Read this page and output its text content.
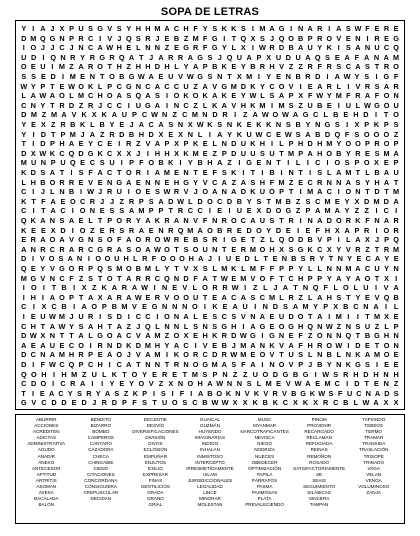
SOPA DE LETRAS
Y I A J X P U S G V S Y H H M A C H F Y S K K S I M A G I N A R I A S W F E R E
D M Q G N P R C I V J Q S R J E B Z M F G I T Q X S J Q O B P R O V E N I R E G
I O J J C J N C A W H E L N N Z E G R F G Y L X I W R D B A U Y K I S A N U C Q
U D I Q N R Y R G R Q A T J A R R A G S J Q U A P X U D U A Q S E A F A N A M
O E U I M Z A R O T H Z H H D H L Y A P B K E Y B R H V Z Z R F R S C A S T R O
S S E D I M E N T O B G W A E U V W G S N T X M I Y E N B R D I A W Y S I G F
W Y P T E W O K L P C G N C A C C U Z A V G M D K Y C O V I E A R L I V R S A R
L A W A O L M C H O A S Q A S I O K O K A K E Y W L S A P X F W Y M F R A F O N
C N Y T R D Z R J C C I U G A I N C Z L K A V H K M I M S Z U B E I U L W G O U
D M Z M A V K X K A U P C W N Z C M N D R I Z A W O W A G C L B E H D I T O
Y E X Z R B K L B Y E J A C A S N X W K S N K E K K N S B Y N G S I X P K P S
Y I D T P M J A Z R D B H D X E X N L I A Y K U W C E W S A B D Q F S O O O Z
T I D P H A E Y C E I R Z V A P X P K E L N D U K H I L P H D H M Y O O P R O P
D X W K C Q D G K C X X J I H H X K M E Z P D U U S U T M P A H O B Y R E S M A
M U N P U Q E C S U I P F O B K I Y B H A Z I G E N T I L I C I O S P O X E P
K D S A T I S F A C T O R I A M E N T E F S K I T I B I N T I S L A M T L B A U
L H B O R R E V E N G A E N N E H G Y V C A Z A S H F M Z E C R N N A S Y H A T
C I J L N B I W J R U I O E S W R V J O A N A D K U O P T I M A C I O N T D T M
K T F A E O C R J J Z R P S A D W L D O C D B Y S T M B Z S C M E Y X D M D A
C I T A C I O N E S S A M P P T R C C I E I U E X D O G Z P A M A Y Z Z I C I
Q K A N S A E L T P O R Y A K R A N V F N R O C A U S T R I N A D O R K F N A R
K E E X D I O Z E R S R A E N R Q M A O B R E D O Y D E I E F H X A P R I O R
E R A O A V G N S O F A O R O W R E B S R I G E T Z L Q O D B V P I L A X J P Q
A N R C R A R C G R A S O A W O T S O U N T E R M O H X S G K C X Y V R Z T R M
D I V O S A N I O O U H L R F O O O H A J I U E D L T E N B S R Y T N Y E C A Y E
Q E Y V G O R P Q S M O B M L Y T V X S L M K L M F F P P Y L L N N M A C U Y N
M G V N C F Z S T O T A R R C Q N D F A T W E M V O F T C H P P Y A Y A O T X I
I O I T B I X Z K A R A W I N E V L O R R W I Z L J A T N Q F L O L U I V A
I H I A O P T A X A R A W E R V O O U T E A C A S C M L R Z L A H S T Y E V Q B
C I X C B I A O P B M V E G N N N O I K E A U I N D S A M Y P X B C N A I L
I E U W M J U R I S D I C C I O N A L E S C S V N A E U D O T A I M I	I T M X E
C H T A W Y S A H T A Z J Q L N N L S N S G H I A G E O G H Q N W Z N S U Z L P
D W X N T T A L G O A C V A M Z O X E H K R D W G I G N E F Z O N N Q T B G H N
A E A U E C O I R N D K D M H Y A C I V E B J M A N K V A F H R O W I D E T O N
D C N A M H R P E A O J V A M I K O R C D R W M E O V T U S L N B L N K A M O E
D I F W C Q P C H I C A T N N T R N O G M A S F A I N O V P J B Y N K G S I E E
Q O H I H M Z U L K T O Y E R E T M S P N Z Z U O D G B G I W S R H D H N H
C D O I C R A I	I Y E Y O V Z X N O H A W N N S L M E V W A E M C I D T E N Z
T I E A C Y S R Y A S Z K P I S I F I A B O K N V K V R V B G K W S F U C N A D S
G V C D D E D J R D P F S T U O S C B W W X X K B K C X K X R C B L W A X X
ABURRIR
ACCIONES
ACREDITEN
ADICTAS
ADMINISTRATIVA
AGUDO
AÑADIR
ANEXO
ANTECESOR
APTITUD
ARTRITIS
ASOMAN
AVESA
BACALADA
BALÓN
BENDITO
BIZARRO
BOMBO
CAMPEROS
CÁNTARO
CAZADORA
CHECA
CHINGABIE
CIENO
CITACIONES
CONCORDANA
CONSIGUIERA
CREPUSCULAR
DECIDAN
DECENTIE
DESVÍO
DIVERSIFICACIONES
DIVISIÓN
DIVOS
ECLOSIÓN
EMPUÑAR
ENJUTOS
EXILIO
EXPRESAR
FINAS
GENTILICIOS
GRADA
GRANO
GRIAL
GUAICAL
GUZMÁN
HUYENDO
IMAGINARIAS
INDIGO
INHALAN
INMISTOSO
INTERCEPTO
IRRESMETIDAMENTE
ISLAM
JURISDICCIONALES
LEGALIDAD
LINCE
MINORAR
MOLESTAN
MUSC
MYANMAR
NARCOTRAFICANTES
NEVISCA
NIEGO
NODRIZA
NUECES
OBEDECER
OPTIMIZACIÓN
PAPILA
PÁRRAFOS
PASMA
PASMOSAS
PLATA
PREVALECIENDO
PINOM
PROVENIR
RECARGADO
RECLAMAN
REFUGIADA
REINAS
REMOÑON
ROSADO
SATISFACTORIAMENTE
SE
SEAIS
SEGUIMIENTO
SILÁBICAS
SINCERA
TAMPAN
TAPIANDO
TEBEOS
TERMO
TRAMAR
TRANSIDA
TRASLACIÓN
TRISOPE
TRINADO
VAGA
VELAN
VENGA
VOLUMINOSO
ZANJA
